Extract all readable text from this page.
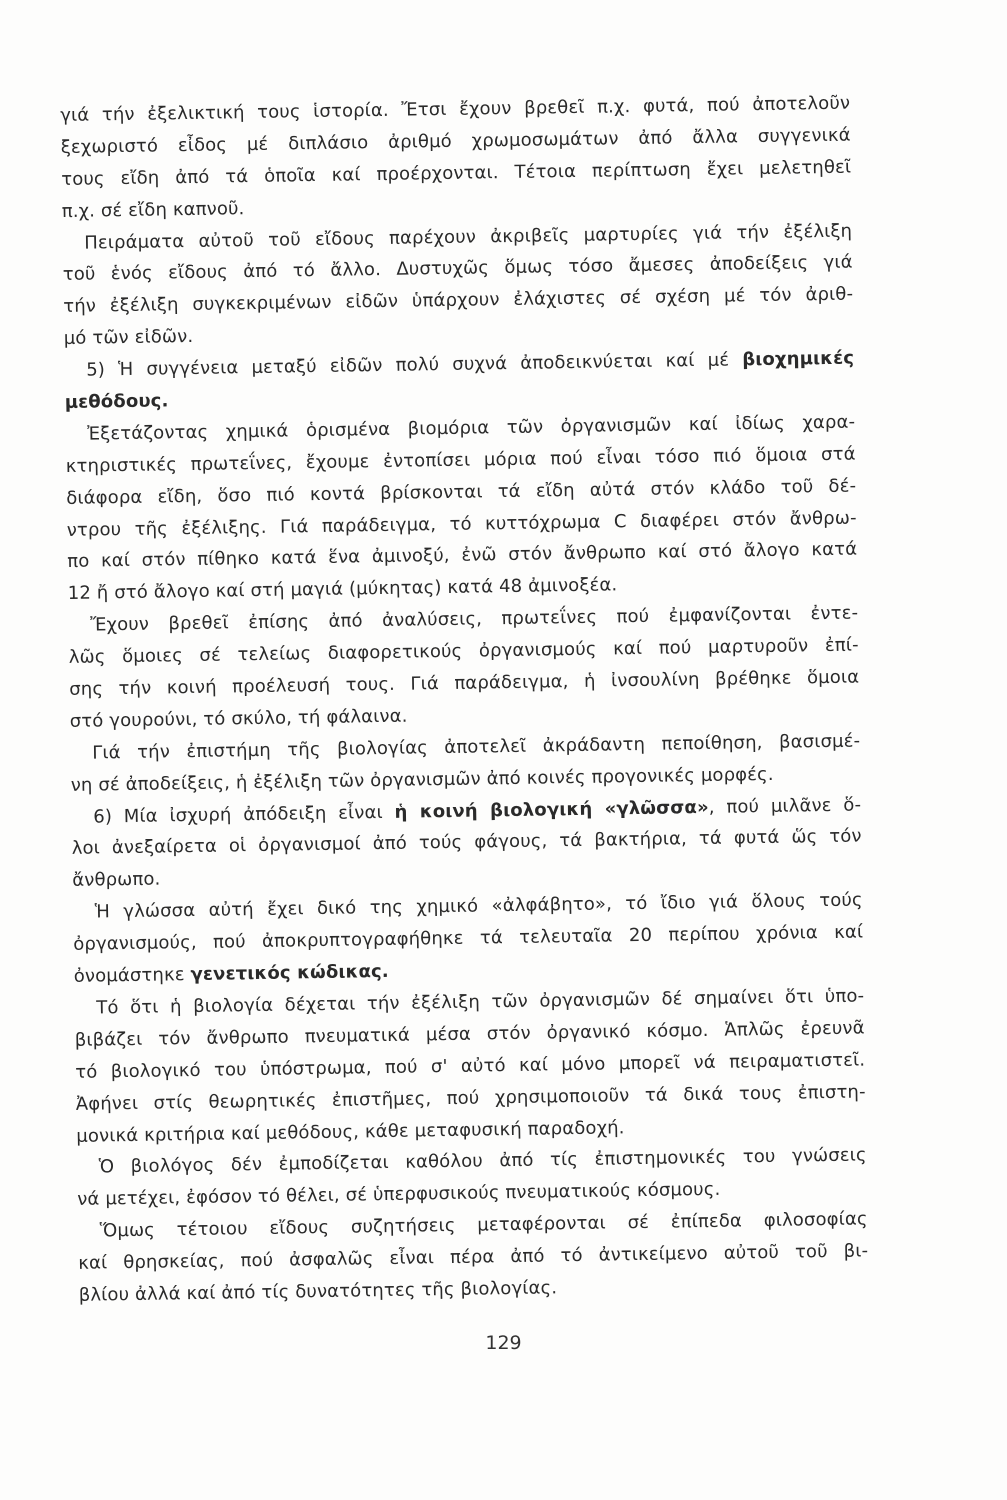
γιά τήν ἐξελικτική τους ἱστορία. Ἔτσι ἔχουν βρεθεῖ π.χ. φυτά, πού ἀποτελοῦν
ξεχωριστό εἶδος μέ διπλάσιο ἀριθμό χρωμοσωμάτων ἀπό ἄλλα συγγενικά
τους εἴδη ἀπό τά ὁποῖα καί προέρχονται. Τέτοια περίπτωση ἔχει μελετηθεῖ
π.χ. σέ εἴδη καπνοῦ.
Πειράματα αὐτοῦ τοῦ εἴδους παρέχουν ἀκριβεῖς μαρτυρίες γιά τήν ἐξέλιξη
τοῦ ἑνός εἴδους ἀπό τό ἄλλο. Δυστυχῶς ὅμως τόσο ἄμεσες ἀποδείξεις γιά
τήν ἐξέλιξη συγκεκριμένων εἰδῶν ὑπάρχουν ἐλάχιστες σέ σχέση μέ τόν ἀριθ-
μό τῶν εἰδῶν.
5) Ἡ συγγένεια μεταξύ εἰδῶν πολύ συχνά ἀποδεικνύεται καί μέ βιοχημικές
μεθόδους.
Ἐξετάζοντας χημικά ὁρισμένα βιομόρια τῶν ὀργανισμῶν καί ἰδίως χαρα-
κτηριστικές πρωτεΐνες, ἔχουμε ἐντοπίσει μόρια πού εἶναι τόσο πιό ὅμοια στά
διάφορα εἴδη, ὅσο πιό κοντά βρίσκονται τά εἴδη αὐτά στόν κλάδο τοῦ δέ-
ντρου τῆς ἐξέλιξης. Γιά παράδειγμα, τό κυττόχρωμα C διαφέρει στόν ἄνθρω-
πο καί στόν πίθηκο κατά ἕνα ἀμινοξύ, ἐνῶ στόν ἄνθρωπο καί στό ἄλογο κατά
12 ἤ στό ἄλογο καί στή μαγιά (μύκητας) κατά 48 ἀμινοξέα.
Ἔχουν βρεθεῖ ἐπίσης ἀπό ἀναλύσεις, πρωτεΐνες πού ἐμφανίζονται ἐντε-
λῶς ὅμοιες σέ τελείως διαφορετικούς ὀργανισμούς καί πού μαρτυροῦν ἐπί-
σης τήν κοινή προέλευσή τους. Γιά παράδειγμα, ἡ ἰνσουλίνη βρέθηκε ὅμοια
στό γουρούνι, τό σκύλο, τή φάλαινα.
Γιά τήν ἐπιστήμη τῆς βιολογίας ἀποτελεῖ ἀκράδαντη πεποίθηση, βασισμέ-
νη σέ ἀποδείξεις, ἡ ἐξέλιξη τῶν ὀργανισμῶν ἀπό κοινές προγονικές μορφές.
6) Μία ἰσχυρή ἀπόδειξη εἶναι ἡ κοινή βιολογική «γλῶσσα», πού μιλᾶνε ὅ-
λοι ἀνεξαίρετα οἱ ὀργανισμοί ἀπό τούς φάγους, τά βακτήρια, τά φυτά ὥς τόν
ἄνθρωπο.
Ἡ γλώσσα αὐτή ἔχει δικό της χημικό «ἀλφάβητο», τό ἴδιο γιά ὅλους τούς
ὀργανισμούς, πού ἀποκρυπτογραφήθηκε τά τελευταῖα 20 περίπου χρόνια καί
ὀνομάστηκε γενετικός κώδικας.
Τό ὅτι ἡ βιολογία δέχεται τήν ἐξέλιξη τῶν ὀργανισμῶν δέ σημαίνει ὅτι ὑπο-
βιβάζει τόν ἄνθρωπο πνευματικά μέσα στόν ὀργανικό κόσμο. Ἁπλῶς ἐρευνᾶ
τό βιολογικό του ὑπόστρωμα, πού σ' αὐτό καί μόνο μπορεῖ νά πειραματιστεῖ.
Ἀφήνει στίς θεωρητικές ἐπιστῆμες, πού χρησιμοποιοῦν τά δικά τους ἐπιστη-
μονικά κριτήρια καί μεθόδους, κάθε μεταφυσική παραδοχή.
Ὁ βιολόγος δέν ἐμποδίζεται καθόλου ἀπό τίς ἐπιστημονικές του γνώσεις
νά μετέχει, ἐφόσον τό θέλει, σέ ὑπερφυσικούς πνευματικούς κόσμους.
Ὅμως τέτοιου εἴδους συζητήσεις μεταφέρονται σέ ἐπίπεδα φιλοσοφίας
καί θρησκείας, πού ἀσφαλῶς εἶναι πέρα ἀπό τό ἀντικείμενο αὐτοῦ τοῦ βι-
βλίου ἀλλά καί ἀπό τίς δυνατότητες τῆς βιολογίας.
129
